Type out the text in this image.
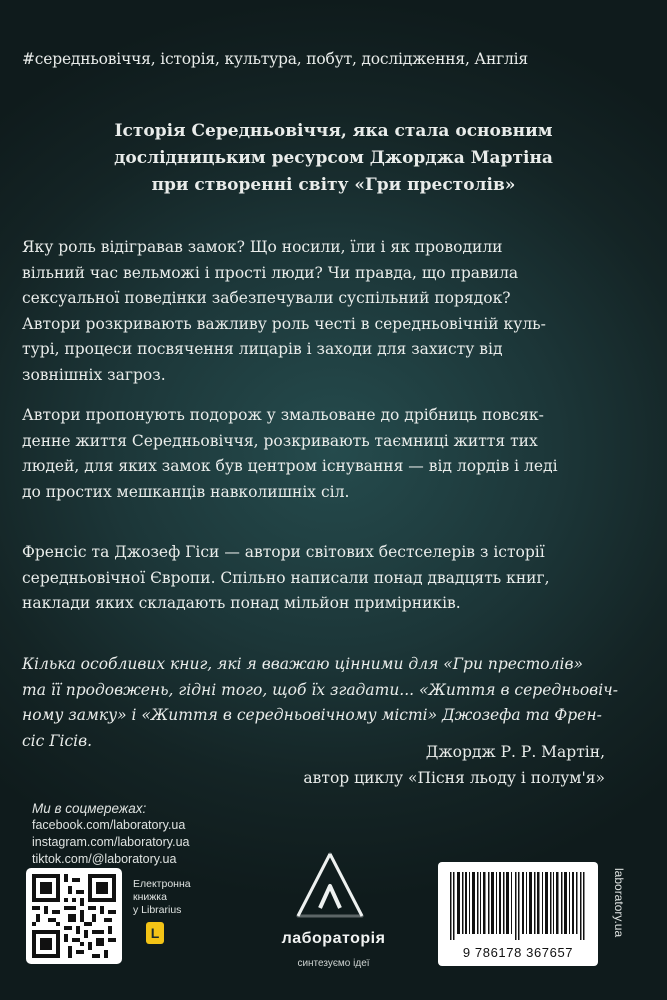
#середньовіччя, історія, культура, побут, дослідження, Англія
Історія Середньовіччя, яка стала основним
дослідницьким ресурсом Джорджа Мартіна
при створенні світу «Гри престолів»
Яку роль відігравав замок? Що носили, їли і як проводили
вільний час вельможі і прості люди? Чи правда, що правила
сексуальної поведінки забезпечували суспільний порядок?
Автори розкривають важливу роль честі в середньовічній куль-
турі, процеси посвячення лицарів і заходи для захисту від
зовнішніх загроз.
Автори пропонують подорож у змальоване до дрібниць повсяк-
денне життя Середньовіччя, розкривають таємниці життя тих
людей, для яких замок був центром існування — від лордів і леді
до простих мешканців навколишніх сіл.
Френсіс та Джозеф Гіси — автори світових бестселерів з історії
середньовічної Європи. Спільно написали понад двадцять книг,
наклади яких складають понад мільйон примірників.
Кілька особливих книг, які я вважаю цінними для «Гри престолів»
та її продовжень, гідні того, щоб їх згадати... «Життя в середньовіч-
ному замку» і «Життя в середньовічному місті» Джозефа та Френ-
сіс Гісів.
Джордж Р. Р. Мартін,
автор циклу «Пісня льоду і полум'я»
Ми в соцмережах:
facebook.com/laboratory.ua
instagram.com/laboratory.ua
tiktok.com/@laboratory.ua
Електронна
книжка
у Librarius
L	лабораторія
синтезуємо ідеї
9 786178 367657
laboratory.ua
